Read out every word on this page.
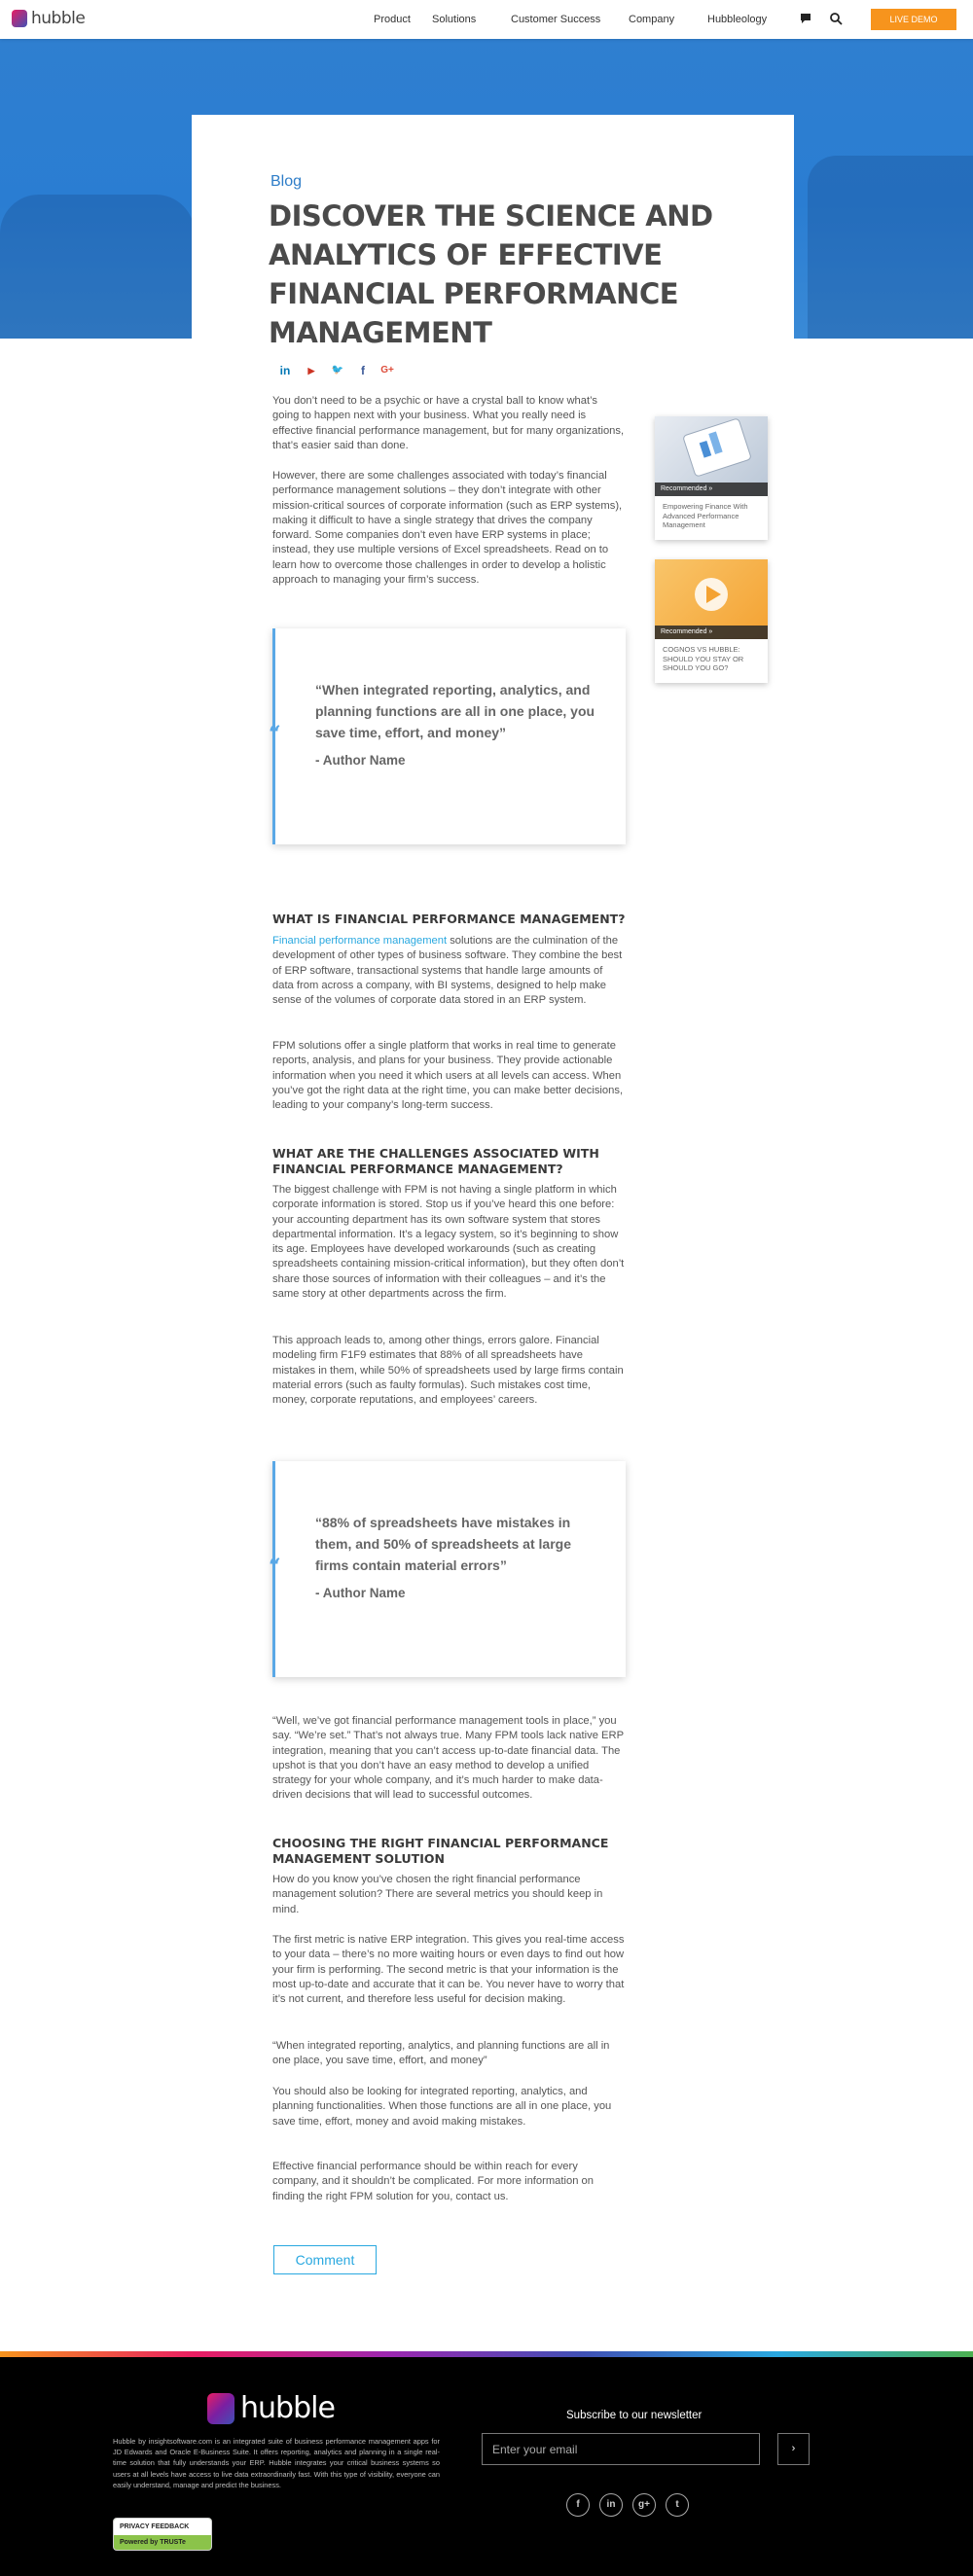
hubble	Product Solutions	Customer Success	Company	Hubbleology	LIVE DEMO
Blog
DISCOVER THE SCIENCE AND ANALYTICS OF EFFECTIVE FINANCIAL PERFORMANCE MANAGEMENT
in	▶	🐦	f	G+

You don’t need to be a psychic or have a crystal ball to know what’s going to happen next with your business. What you really need is effective financial performance management, but for many organizations, that’s easier said than done.

However, there are some challenges associated with today’s financial performance management solutions – they don’t integrate with other mission-critical sources of corporate information (such as ERP systems), making it difficult to have a single strategy that drives the company forward. Some companies don’t even have ERP systems in place; instead, they use multiple versions of Excel spreadsheets. Read on to learn how to overcome those challenges in order to develop a holistic approach to managing your firm’s success.

“
“When integrated reporting, analytics, and planning functions are all in one place, you save time, effort, and money”
- Author Name
WHAT IS FINANCIAL PERFORMANCE MANAGEMENT?

Financial performance management solutions are the culmination of the development of other types of business software. They combine the best of ERP software, transactional systems that handle large amounts of data from across a company, with BI systems, designed to help make sense of the volumes of corporate data stored in an ERP system.

FPM solutions offer a single platform that works in real time to generate reports, analysis, and plans for your business. They provide actionable information when you need it which users at all levels can access. When you’ve got the right data at the right time, you can make better decisions, leading to your company’s long-term success.

WHAT ARE THE CHALLENGES ASSOCIATED WITH FINANCIAL PERFORMANCE MANAGEMENT?

The biggest challenge with FPM is not having a single platform in which corporate information is stored. Stop us if you’ve heard this one before: your accounting department has its own software system that stores departmental information. It’s a legacy system, so it’s beginning to show its age. Employees have developed workarounds (such as creating spreadsheets containing mission-critical information), but they often don’t share those sources of information with their colleagues – and it’s the same story at other departments across the firm.

This approach leads to, among other things, errors galore. Financial modeling firm F1F9 estimates that 88% of all spreadsheets have mistakes in them, while 50% of spreadsheets used by large firms contain material errors (such as faulty formulas). Such mistakes cost time, money, corporate reputations, and employees’ careers.

“
“88% of spreadsheets have mistakes in them, and 50% of spreadsheets at large firms contain material errors”
- Author Name

“Well, we’ve got financial performance management tools in place,” you say. “We’re set.” That’s not always true. Many FPM tools lack native ERP integration, meaning that you can’t access up-to-date financial data. The upshot is that you don’t have an easy method to develop a unified strategy for your whole company, and it’s much harder to make data-driven decisions that will lead to successful outcomes.

CHOOSING THE RIGHT FINANCIAL PERFORMANCE MANAGEMENT SOLUTION

How do you know you’ve chosen the right financial performance management solution? There are several metrics you should keep in mind.

The first metric is native ERP integration. This gives you real-time access to your data – there’s no more waiting hours or even days to find out how your firm is performing. The second metric is that your information is the most up-to-date and accurate that it can be. You never have to worry that it’s not current, and therefore less useful for decision making.

“When integrated reporting, analytics, and planning functions are all in one place, you save time, effort, and money”

You should also be looking for integrated reporting, analytics, and planning functionalities. When those functions are all in one place, you save time, effort, money and avoid making mistakes.

Effective financial performance should be within reach for every company, and it shouldn’t be complicated. For more information on finding the right FPM solution for you, contact us.

Comment
Recommended »
Empowering Finance With Advanced Performance Management
Recommended »
COGNOS VS HUBBLE: SHOULD YOU STAY OR SHOULD YOU GO?
hubble

Hubble by insightsoftware.com is an integrated suite of business performance management apps for JD Edwards and Oracle E-Business Suite. It offers reporting, analytics and planning in a single real-time solution that fully understands your ERP. Hubble integrates your critical business systems so users at all levels have access to live data extraordinarily fast. With this type of visibility, everyone can easily understand, manage and predict the business.

PRIVACY FEEDBACK
Powered by TRUSTe
Subscribe to our newsletter
Enter your email
›
f	in	g+	t
